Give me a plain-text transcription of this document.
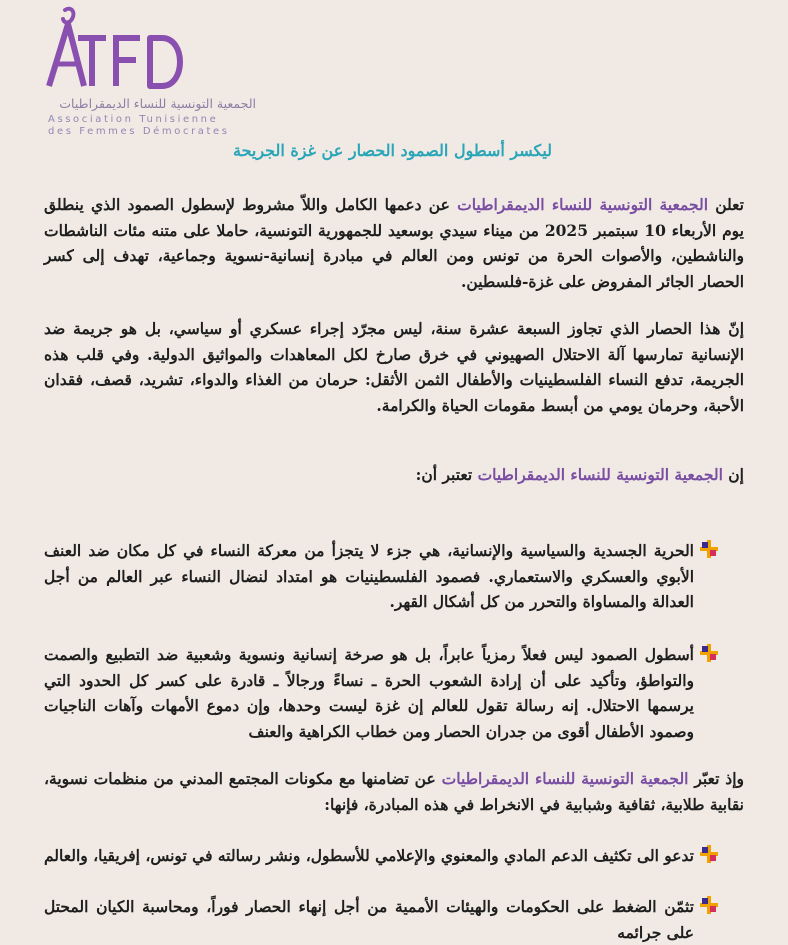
الجمعية التونسية للنساء الديمقراطيات
Association Tunisienne
des Femmes Démocrates
ليكسر أسطول الصمود الحصار عن غزة الجريحة

تعلن الجمعية التونسية للنساء الديمقراطيات عن دعمها الكامل واللاّ مشروط لإسطول الصمود الذي ينطلق يوم الأربعاء 10 سبتمبر 2025 من ميناء سيدي بوسعيد للجمهورية التونسية، حاملا على متنه مئات الناشطات والناشطين، والأصوات الحرة من تونس ومن العالم في مبادرة إنسانية-نسوية وجماعية، تهدف إلى كسر الحصار الجائر المفروض على غزة-فلسطين.

إنّ هذا الحصار الذي تجاوز السبعة عشرة سنة، ليس مجرّد إجراء عسكري أو سياسي، بل هو جريمة ضد الإنسانية تمارسها آلة الاحتلال الصهيوني في خرق صارخ لكل المعاهدات والمواثيق الدولية. وفي قلب هذه الجريمة، تدفع النساء الفلسطينيات والأطفال الثمن الأثقل: حرمان من الغذاء والدواء، تشريد، قصف، فقدان الأحبة، وحرمان يومي من أبسط مقومات الحياة والكرامة.

إن الجمعية التونسية للنساء الديمقراطيات تعتبر أن:

الحرية الجسدية والسياسية والإنسانية، هي جزء لا يتجزأ من معركة النساء في كل مكان ضد العنف الأبوي والعسكري والاستعماري. فصمود الفلسطينيات هو امتداد لنضال النساء عبر العالم من أجل العدالة والمساواة والتحرر من كل أشكال القهر.
أسطول الصمود ليس فعلاً رمزياً عابراً، بل هو صرخة إنسانية ونسوية وشعبية ضد التطبيع والصمت والتواطؤ، وتأكيد على أن إرادة الشعوب الحرة ـ نساءً ورجالاً ـ قادرة على كسر كل الحدود التي يرسمها الاحتلال. إنه رسالة تقول للعالم إن غزة ليست وحدها، وإن دموع الأمهات وآهات الناجيات وصمود الأطفال أقوى من جدران الحصار ومن خطاب الكراهية والعنف

وإذ تعبّر الجمعية التونسية للنساء الديمقراطيات عن تضامنها مع مكونات المجتمع المدني من منظمات نسوية، نقابية طلابية، ثقافية وشبابية في الانخراط في هذه المبادرة، فإنها:

تدعو الى تكثيف الدعم المادي والمعنوي والإعلامي للأسطول، ونشر رسالته في تونس، إفريقيا، والعالم
تثمّن الضغط على الحكومات والهيئات الأممية من أجل إنهاء الحصار فوراً، ومحاسبة الكيان المحتل على جرائمه
